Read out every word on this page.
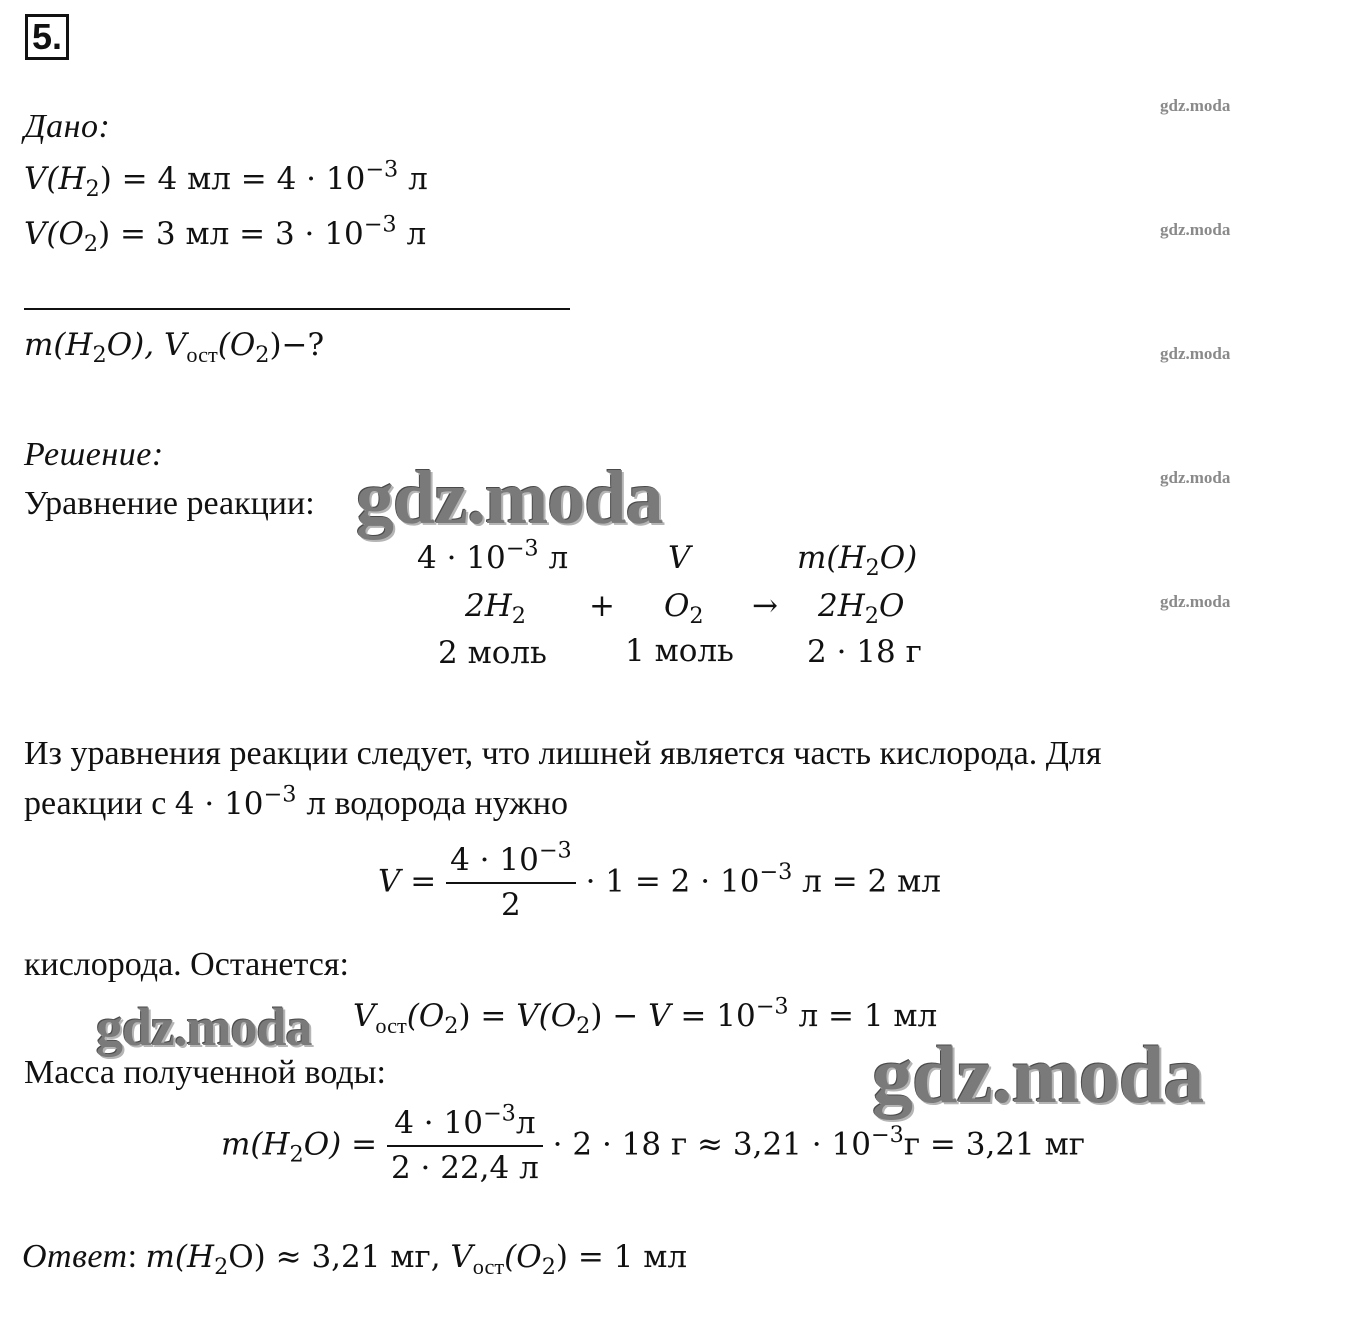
5.
Дано:
$V(H_2) = 4$ мл = $4 \cdot 10^{-3}$ л
$V(O_2) = 3$ мл = $3 \cdot 10^{-3}$ л
$m(H_2O)$, $V_{ост}(O_2)-$?
Решение:
Уравнение реакции:
$4 \cdot 10^{-3}$ л	V	$m(H_2O)$
$2H_2 + O_2 \to 2H_2O$
2 моль	1 моль 2 · 18 г
Из уравнения реакции следует, что лишней является часть кислорода. Для
реакции с $4 \cdot 10^{-3}$ л водорода нужно
$V = \frac{4 \cdot 10^{-3}}{2} \cdot 1 = 2 \cdot 10^{-3}$ л = 2 мл
кислорода. Останется:
$V_{ост}(O_2) = V(O_2) - V = 10^{-3}$ л = 1 мл
Масса полученной воды:
$m(H_2O) = \frac{4 \cdot 10^{-3}л}{2 \cdot 22,4 л} \cdot 2 \cdot 18$ $г \approx 3,21 \cdot 10^{-3}г = 3,21$ мг
Ответ: $m(H_2O) \approx 3,21$ мг, $V_{ост}(O_2) = 1$ мл
gdz.moda
gdz.moda
gdz.moda
gdz.moda
gdz.moda
gdz.moda
gdz.moda
gdz.moda
